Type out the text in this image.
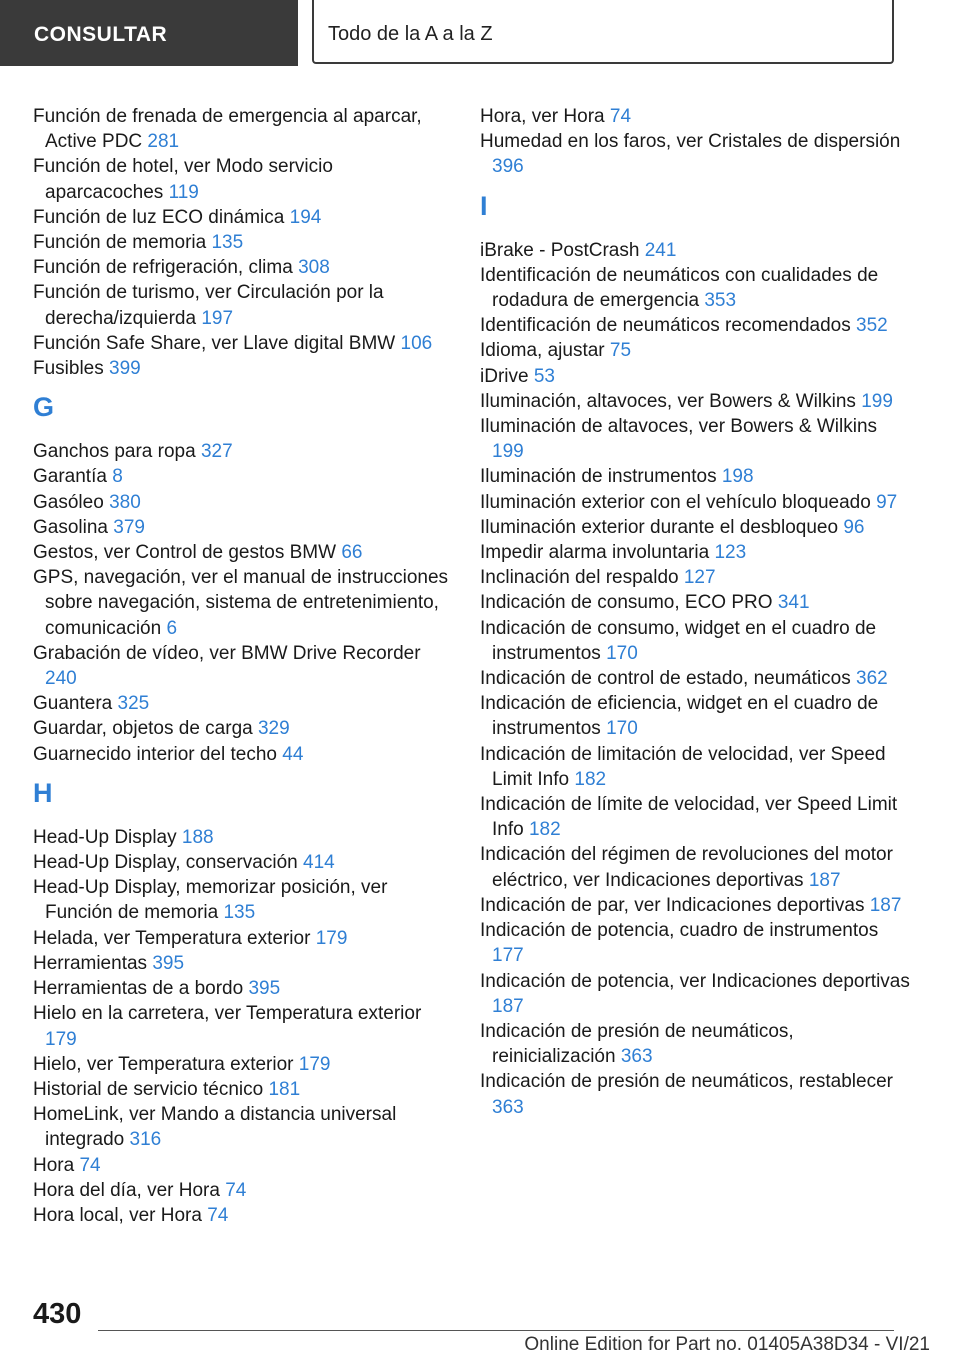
CONSULTAR	Todo de la A a la Z
Función de frenada de emergencia al aparcar, Active PDC 281
Función de hotel, ver Modo servicio aparcacoches 119
Función de luz ECO dinámica 194
Función de memoria 135
Función de refrigeración, clima 308
Función de turismo, ver Circulación por la derecha/izquierda 197
Función Safe Share, ver Llave digital BMW 106
Fusibles 399
G
Ganchos para ropa 327
Garantía 8
Gasóleo 380
Gasolina 379
Gestos, ver Control de gestos BMW 66
GPS, navegación, ver el manual de instrucciones sobre navegación, sistema de entretenimiento, comunicación 6
Grabación de vídeo, ver BMW Drive Recorder 240
Guantera 325
Guardar, objetos de carga 329
Guarnecido interior del techo 44
H
Head-Up Display 188
Head-Up Display, conservación 414
Head-Up Display, memorizar posición, ver Función de memoria 135
Helada, ver Temperatura exterior 179
Herramientas 395
Herramientas de a bordo 395
Hielo en la carretera, ver Temperatura exterior 179
Hielo, ver Temperatura exterior 179
Historial de servicio técnico 181
HomeLink, ver Mando a distancia universal integrado 316
Hora 74
Hora del día, ver Hora 74
Hora local, ver Hora 74
Hora, ver Hora 74
Humedad en los faros, ver Cristales de dispersión 396
I
iBrake - PostCrash 241
Identificación de neumáticos con cualidades de rodadura de emergencia 353
Identificación de neumáticos recomendados 352
Idioma, ajustar 75
iDrive 53
Iluminación, altavoces, ver Bowers & Wilkins 199
Iluminación de altavoces, ver Bowers & Wilkins 199
Iluminación de instrumentos 198
Iluminación exterior con el vehículo bloqueado 97
Iluminación exterior durante el desbloqueo 96
Impedir alarma involuntaria 123
Inclinación del respaldo 127
Indicación de consumo, ECO PRO 341
Indicación de consumo, widget en el cuadro de instrumentos 170
Indicación de control de estado, neumáticos 362
Indicación de eficiencia, widget en el cuadro de instrumentos 170
Indicación de limitación de velocidad, ver Speed Limit Info 182
Indicación de límite de velocidad, ver Speed Limit Info 182
Indicación del régimen de revoluciones del motor eléctrico, ver Indicaciones deportivas 187
Indicación de par, ver Indicaciones deportivas 187
Indicación de potencia, cuadro de instrumentos 177
Indicación de potencia, ver Indicaciones deportivas 187
Indicación de presión de neumáticos, reinicialización 363
Indicación de presión de neumáticos, restablecer 363
430
Online Edition for Part no. 01405A38D34 - VI/21
